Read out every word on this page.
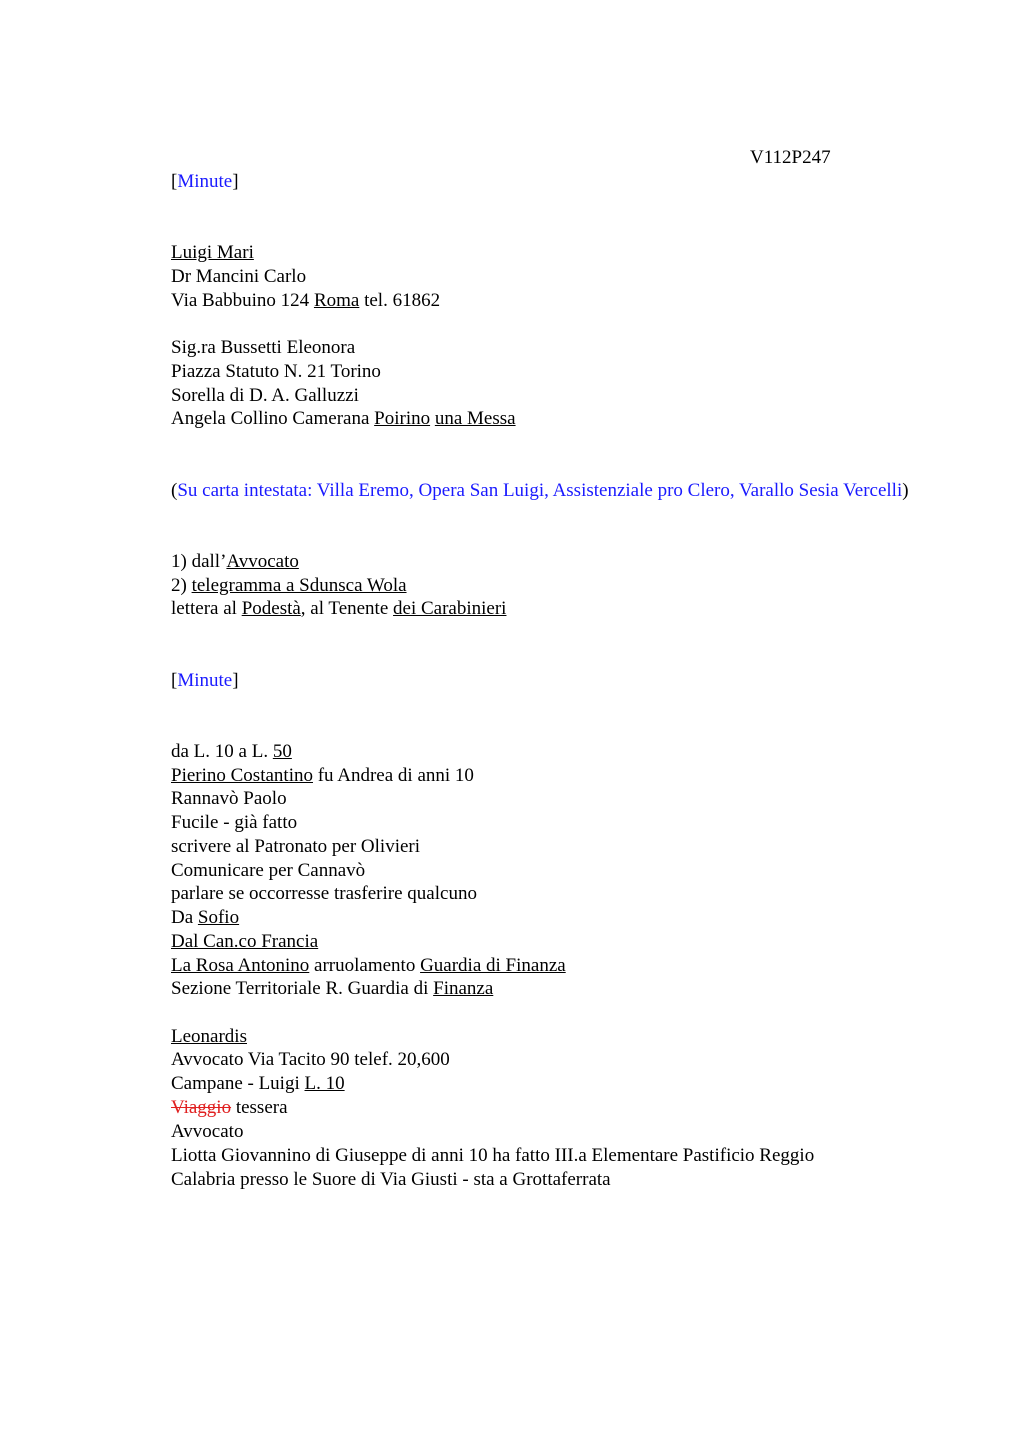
V112P247
[Minute]
Luigi Mari
Dr Mancini Carlo
Via Babbuino 124 Roma tel. 61862
Sig.ra Bussetti Eleonora
Piazza Statuto N. 21 Torino
Sorella di D. A. Galluzzi
Angela Collino Camerana Poirino una Messa
(Su carta intestata: Villa Eremo, Opera San Luigi, Assistenziale pro Clero, Varallo Sesia Vercelli)
1) dall’Avvocato
2) telegramma a Sdunsca Wola
lettera al Podestà, al Tenente dei Carabinieri
[Minute]
da L. 10 a L. 50
Pierino Costantino fu Andrea di anni 10
Rannavò Paolo
Fucile - già fatto
scrivere al Patronato per Olivieri
Comunicare per Cannavò
parlare se occorresse trasferire qualcuno
Da Sofio
Dal Can.co Francia
La Rosa Antonino arruolamento Guardia di Finanza
Sezione Territoriale R. Guardia di Finanza
Leonardis
Avvocato Via Tacito 90 telef. 20,600
Campane - Luigi L. 10
Viaggio tessera
Avvocato
Liotta Giovannino di Giuseppe di anni 10 ha fatto III.a Elementare Pastificio Reggio Calabria presso le Suore di Via Giusti - sta a Grottaferrata
